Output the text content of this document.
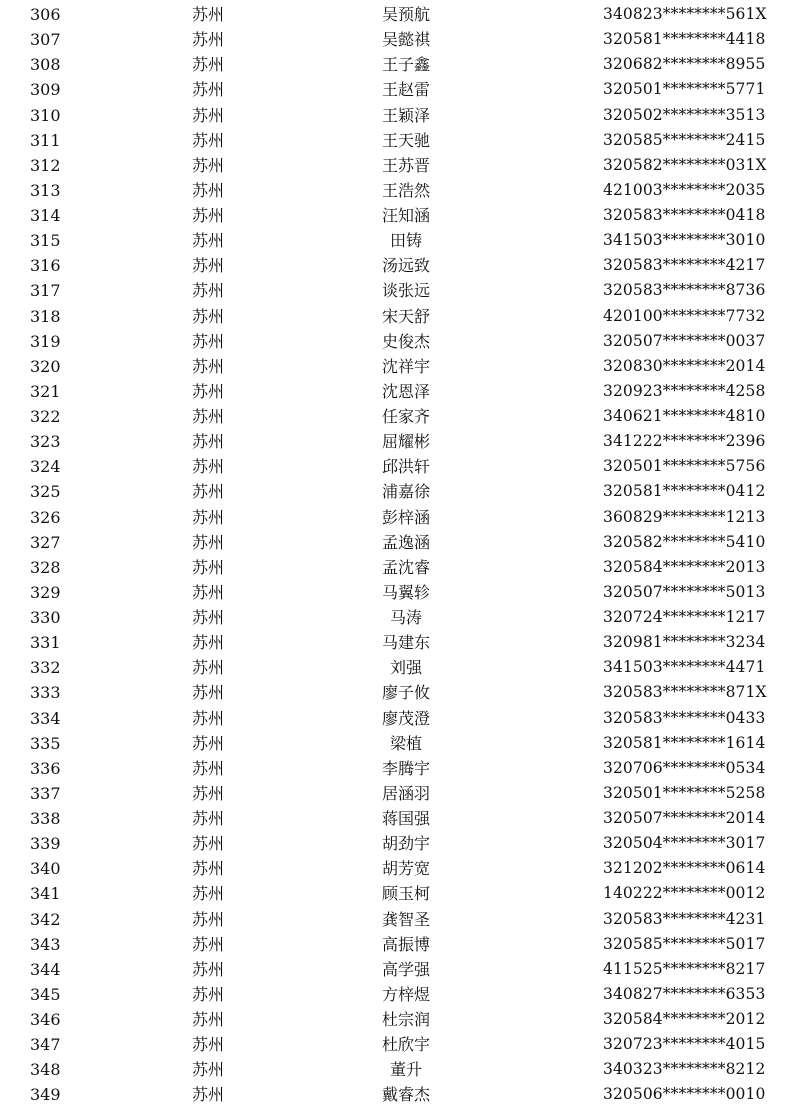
306	苏州	吴预航	340823********561X
307	苏州	吴懿祺	320581********4418
308	苏州	王子鑫	320682********8955
309	苏州	王赵雷	320501********5771
310	苏州	王颖泽	320502********3513
311	苏州	王天驰	320585********2415
312	苏州	王苏晋	320582********031X
313	苏州	王浩然	421003********2035
314	苏州	汪知涵	320583********0418
315	苏州	田铸	341503********3010
316	苏州	汤远致	320583********4217
317	苏州	谈张远	320583********8736
318	苏州	宋天舒	420100********7732
319	苏州	史俊杰	320507********0037
320	苏州	沈祥宇	320830********2014
321	苏州	沈恩泽	320923********4258
322	苏州	任家齐	340621********4810
323	苏州	屈耀彬	341222********2396
324	苏州	邱洪轩	320501********5756
325	苏州	浦嘉徐	320581********0412
326	苏州	彭梓涵	360829********1213
327	苏州	孟逸涵	320582********5410
328	苏州	孟沈睿	320584********2013
329	苏州	马翼轸	320507********5013
330	苏州	马涛	320724********1217
331	苏州	马建东	320981********3234
332	苏州	刘强	341503********4471
333	苏州	廖子攸	320583********871X
334	苏州	廖茂澄	320583********0433
335	苏州	梁植	320581********1614
336	苏州	李腾宇	320706********0534
337	苏州	居涵羽	320501********5258
338	苏州	蒋国强	320507********2014
339	苏州	胡劲宇	320504********3017
340	苏州	胡芳宽	321202********0614
341	苏州	顾玉柯	140222********0012
342	苏州	龚智圣	320583********4231
343	苏州	高振博	320585********5017
344	苏州	高学强	411525********8217
345	苏州	方梓煜	340827********6353
346	苏州	杜宗润	320584********2012
347	苏州	杜欣宇	320723********4015
348	苏州	董升	340323********8212
349	苏州	戴睿杰	320506********0010
